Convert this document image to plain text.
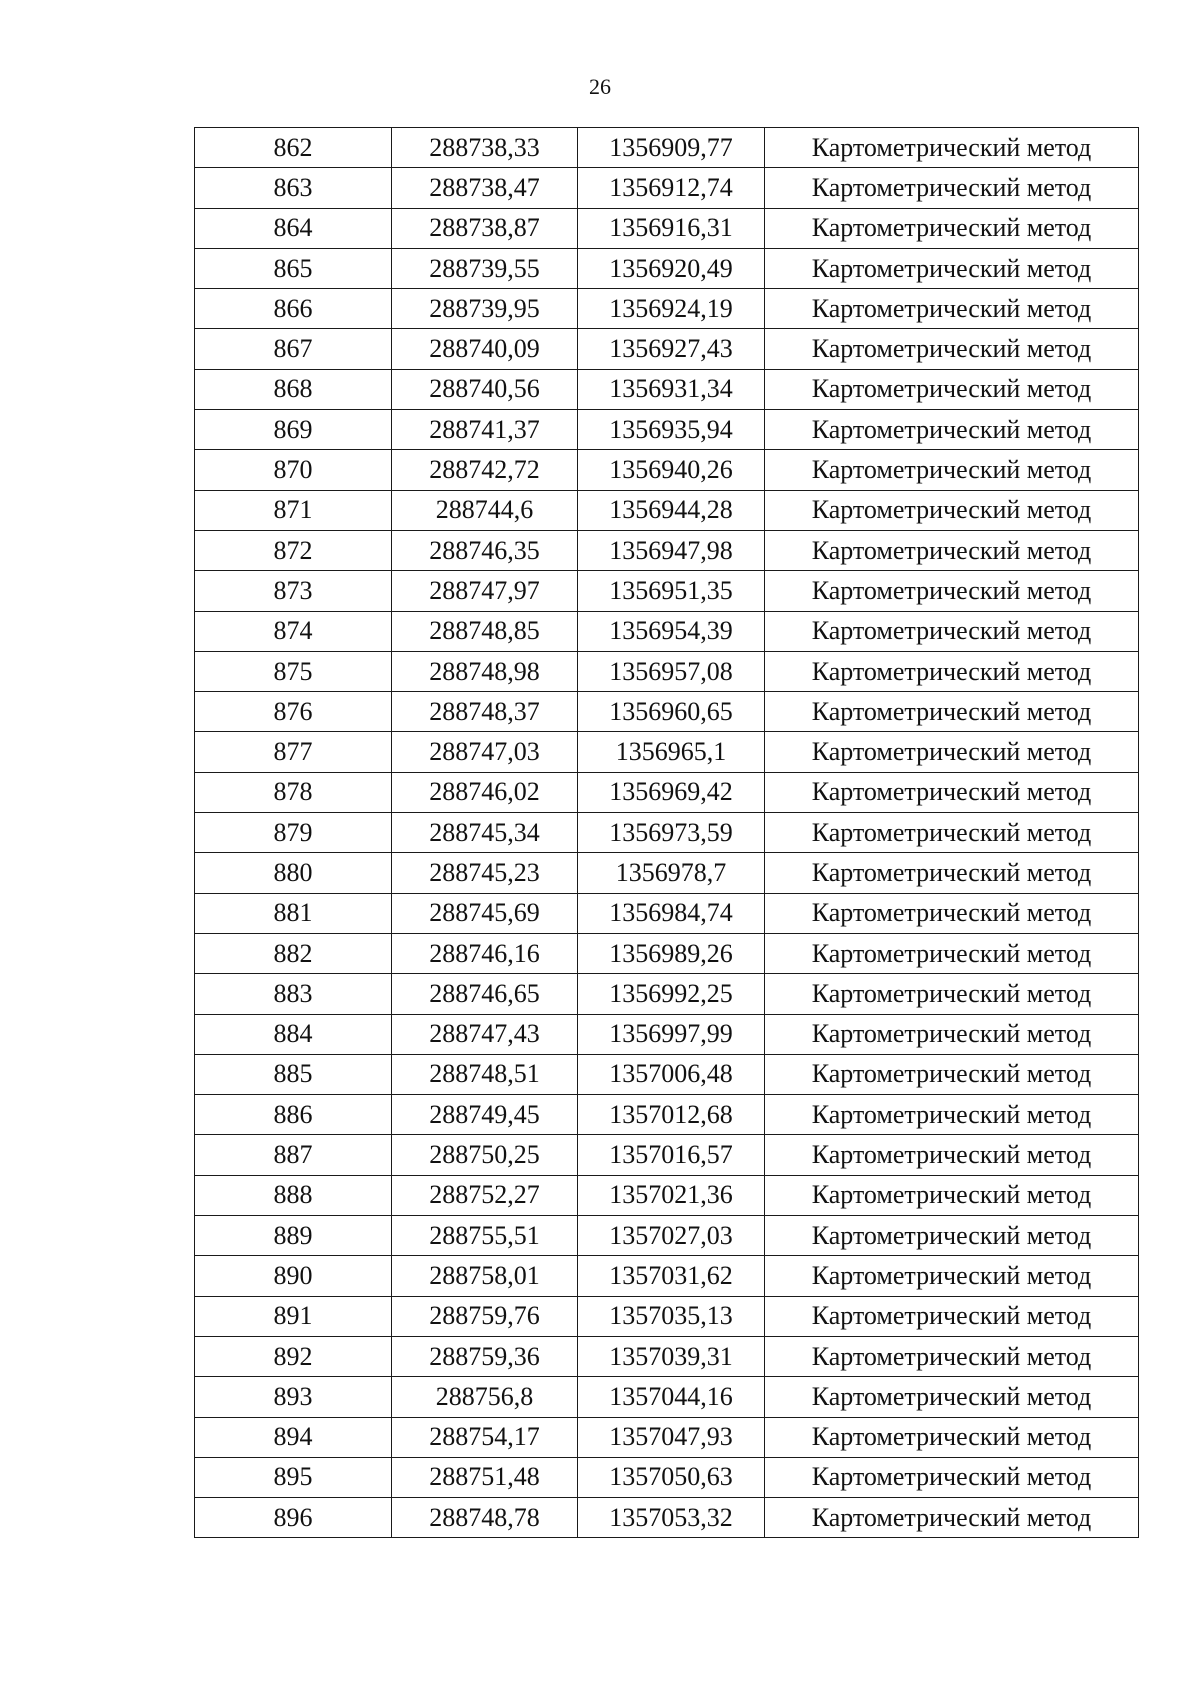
26
862	288738,33	1356909,77	Картометрический метод
863	288738,47	1356912,74	Картометрический метод
864	288738,87	1356916,31	Картометрический метод
865	288739,55	1356920,49	Картометрический метод
866	288739,95	1356924,19	Картометрический метод
867	288740,09	1356927,43	Картометрический метод
868	288740,56	1356931,34	Картометрический метод
869	288741,37	1356935,94	Картометрический метод
870	288742,72	1356940,26	Картометрический метод
871	288744,6	1356944,28	Картометрический метод
872	288746,35	1356947,98	Картометрический метод
873	288747,97	1356951,35	Картометрический метод
874	288748,85	1356954,39	Картометрический метод
875	288748,98	1356957,08	Картометрический метод
876	288748,37	1356960,65	Картометрический метод
877	288747,03	1356965,1	Картометрический метод
878	288746,02	1356969,42	Картометрический метод
879	288745,34	1356973,59	Картометрический метод
880	288745,23	1356978,7	Картометрический метод
881	288745,69	1356984,74	Картометрический метод
882	288746,16	1356989,26	Картометрический метод
883	288746,65	1356992,25	Картометрический метод
884	288747,43	1356997,99	Картометрический метод
885	288748,51	1357006,48	Картометрический метод
886	288749,45	1357012,68	Картометрический метод
887	288750,25	1357016,57	Картометрический метод
888	288752,27	1357021,36	Картометрический метод
889	288755,51	1357027,03	Картометрический метод
890	288758,01	1357031,62	Картометрический метод
891	288759,76	1357035,13	Картометрический метод
892	288759,36	1357039,31	Картометрический метод
893	288756,8	1357044,16	Картометрический метод
894	288754,17	1357047,93	Картометрический метод
895	288751,48	1357050,63	Картометрический метод
896	288748,78	1357053,32	Картометрический метод
